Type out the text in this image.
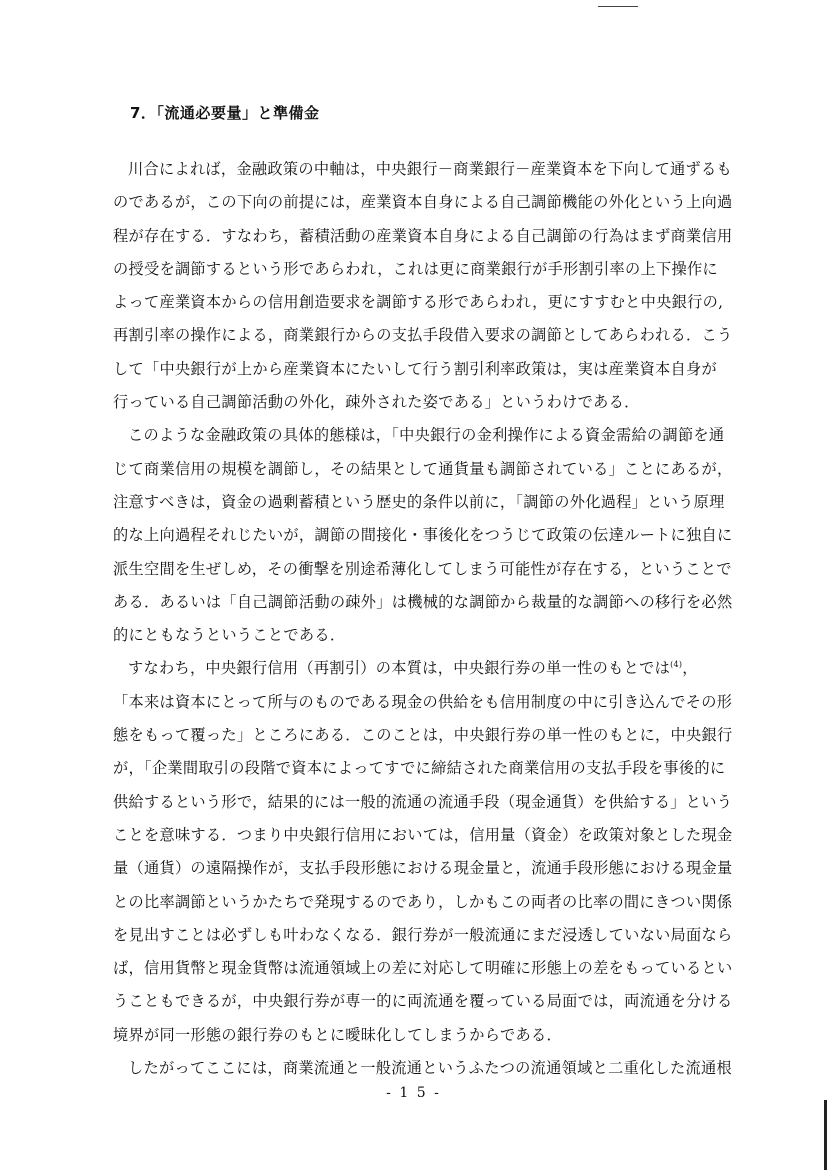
7．「流通必要量」と準備金
川合によれば，金融政策の中軸は，中央銀行－商業銀行－産業資本を下向して通ずるも
のであるが，この下向の前提には，産業資本自身による自己調節機能の外化という上向過
程が存在する．すなわち，蓄積活動の産業資本自身による自己調節の行為はまず商業信用
の授受を調節するという形であらわれ，これは更に商業銀行が手形割引率の上下操作に
よって産業資本からの信用創造要求を調節する形であらわれ，更にすすむと中央銀行の,
再割引率の操作による，商業銀行からの支払手段借入要求の調節としてあらわれる．こう
して「中央銀行が上から産業資本にたいして行う割引利率政策は，実は産業資本自身が
行っている自己調節活動の外化，疎外された姿である」というわけである．
このような金融政策の具体的態様は，「中央銀行の金利操作による資金需給の調節を通
じて商業信用の規模を調節し，その結果として通貨量も調節されている」ことにあるが，
注意すべきは，資金の過剰蓄積という歴史的条件以前に，「調節の外化過程」という原理
的な上向過程それじたいが，調節の間接化・事後化をつうじて政策の伝達ルートに独自に
派生空間を生ぜしめ，その衝撃を別途希薄化してしまう可能性が存在する，ということで
ある．あるいは「自己調節活動の疎外」は機械的な調節から裁量的な調節への移行を必然
的にともなうということである．
すなわち，中央銀行信用（再割引）の本質は，中央銀行券の単一性のもとでは$^{(4)}$，
「本来は資本にとって所与のものである現金の供給をも信用制度の中に引き込んでその形
態をもって覆った」ところにある．このことは，中央銀行券の単一性のもとに，中央銀行
が，「企業間取引の段階で資本によってすでに締結された商業信用の支払手段を事後的に
供給するという形で，結果的には一般的流通の流通手段（現金通貨）を供給する」という
ことを意味する．つまり中央銀行信用においては，信用量（資金）を政策対象とした現金
量（通貨）の遠隔操作が，支払手段形態における現金量と，流通手段形態における現金量
との比率調節というかたちで発現するのであり，しかもこの両者の比率の間にきつい関係
を見出すことは必ずしも叶わなくなる．銀行券が一般流通にまだ浸透していない局面なら
ば，信用貨幣と現金貨幣は流通領域上の差に対応して明確に形態上の差をもっているとい
うこともできるが，中央銀行券が専一的に両流通を覆っている局面では，両流通を分ける
境界が同一形態の銀行券のもとに曖昧化してしまうからである．
したがってここには，商業流通と一般流通というふたつの流通領域と二重化した流通根
- 1 5 -
